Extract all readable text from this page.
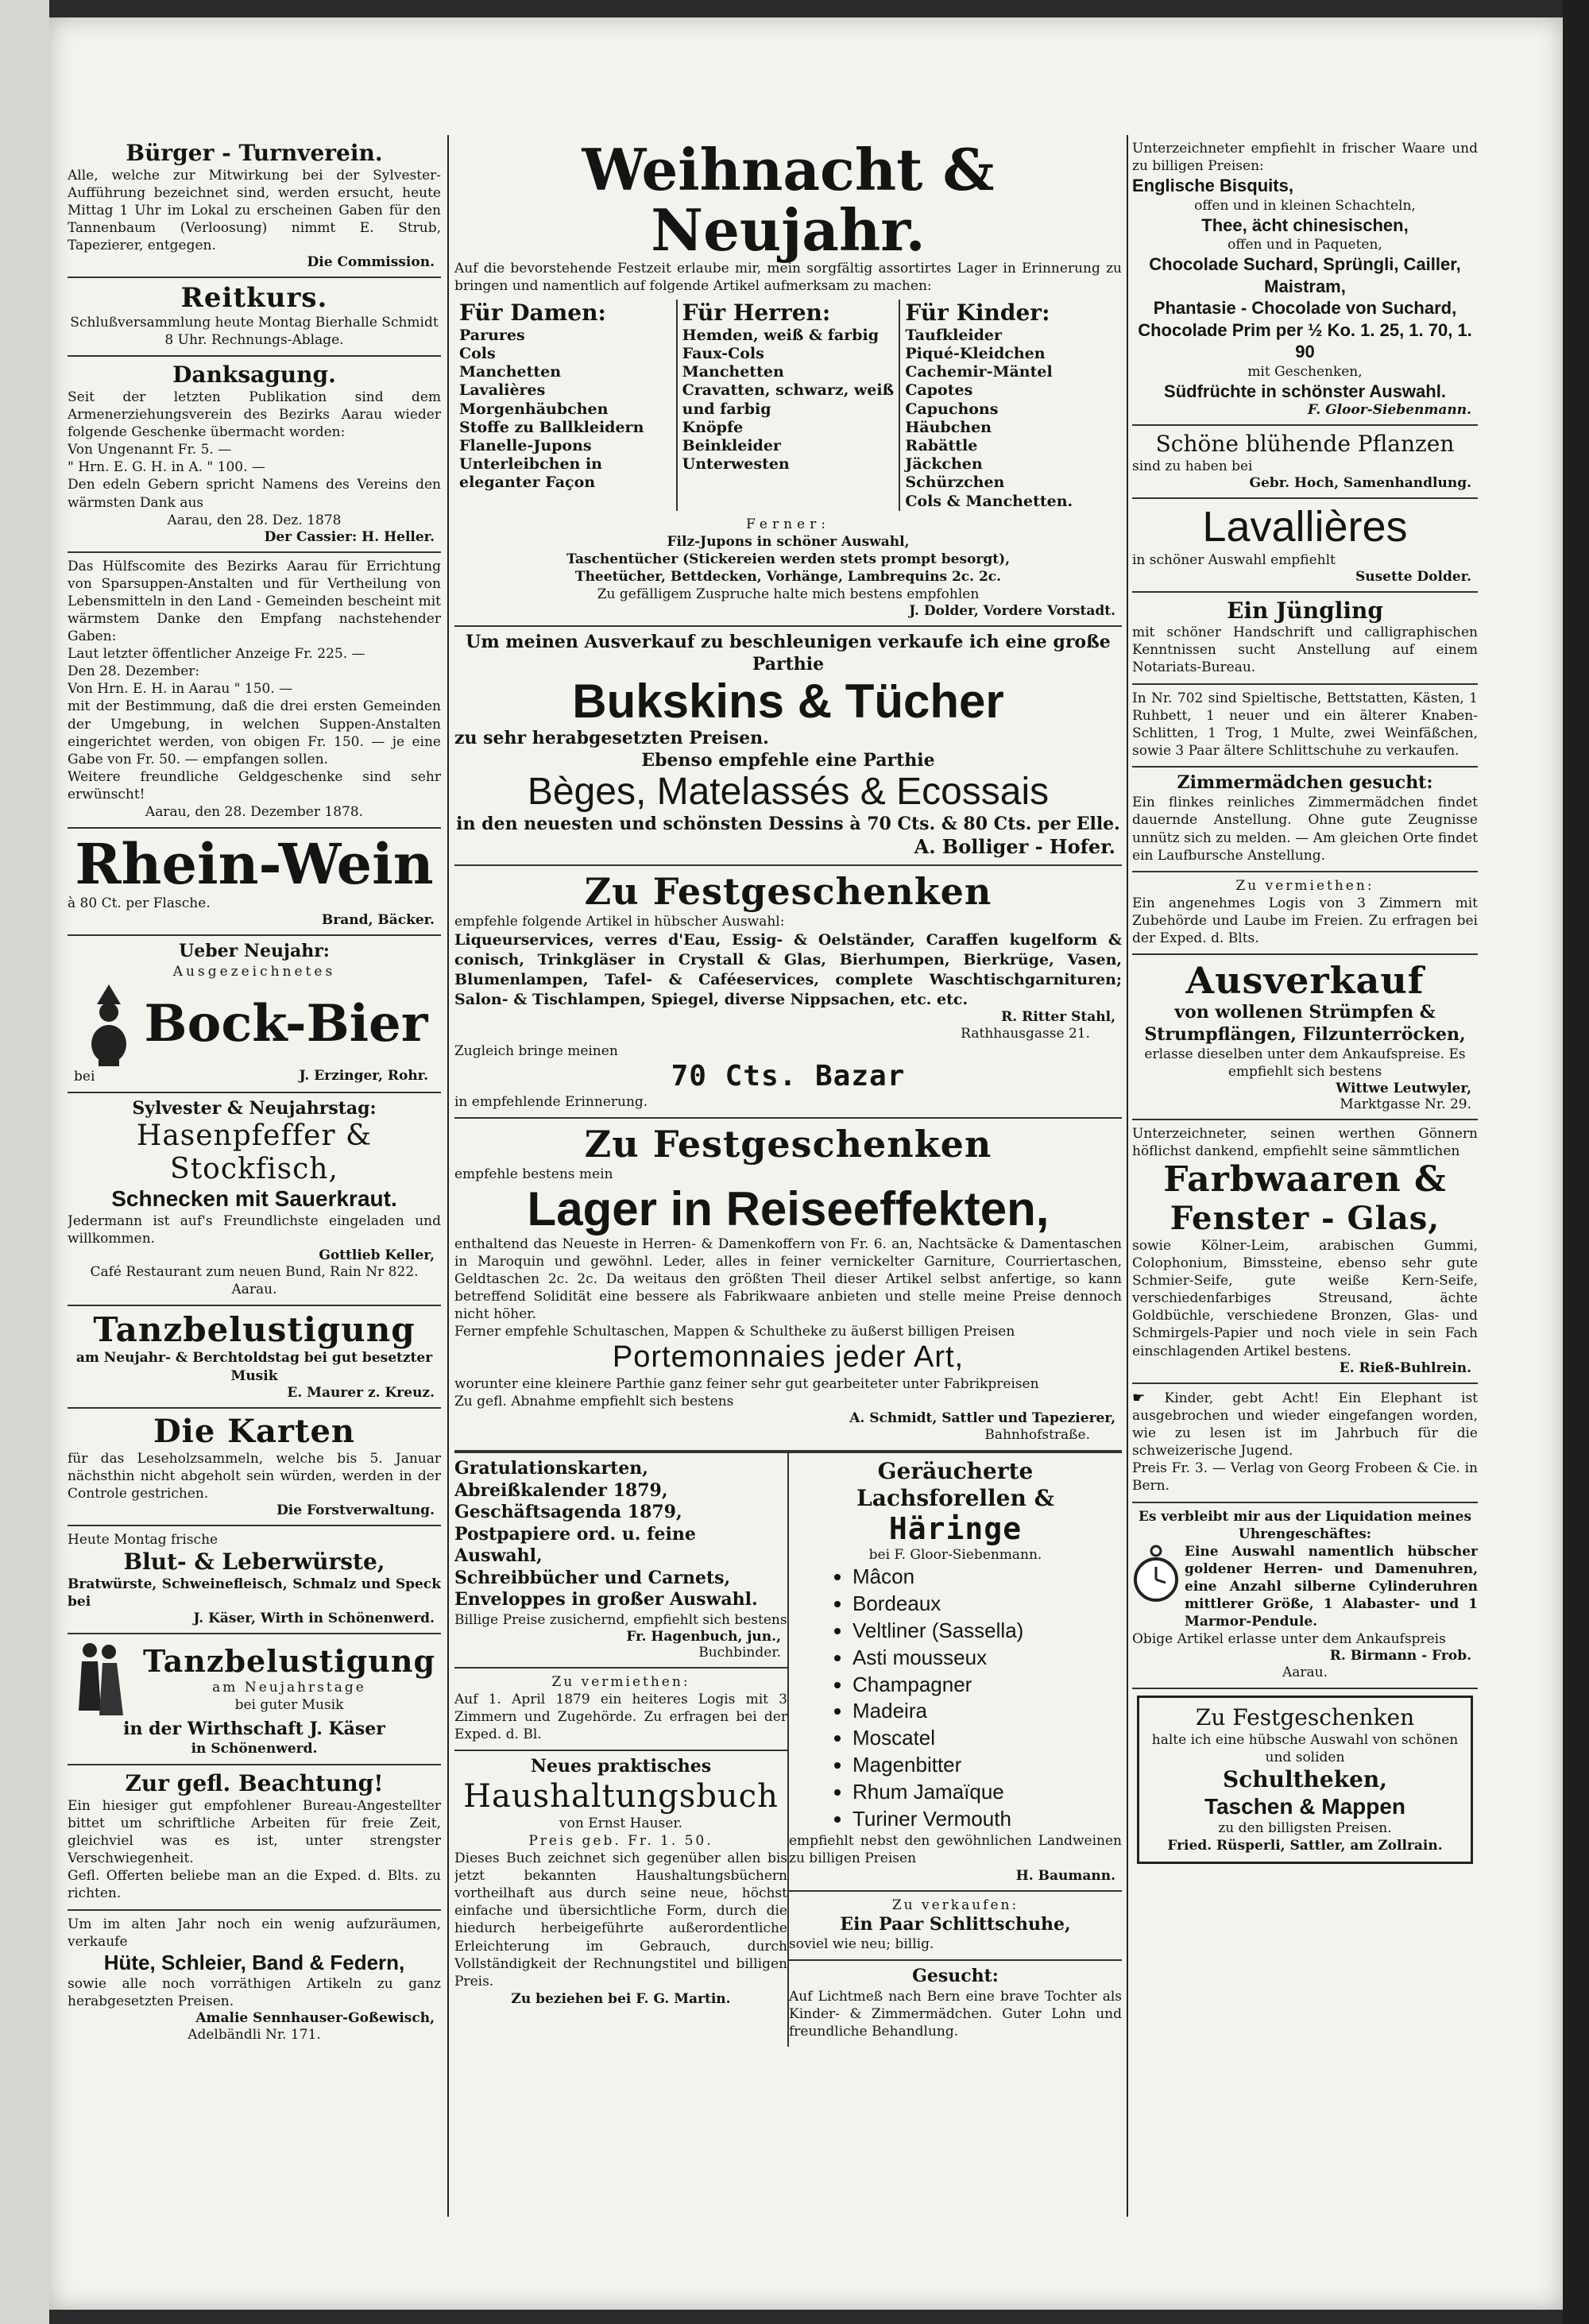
Bürger - Turnverein.
Alle, welche zur Mitwirkung bei der Sylvester-Aufführung bezeichnet sind, werden ersucht, heute Mittag 1 Uhr im Lokal zu erscheinen Gaben für den Tannenbaum (Verloosung) nimmt E. Strub, Tapezierer, entgegen.
Die Commission.
Reitkurs.
Schlußversammlung heute Montag Bierhalle Schmidt 8 Uhr. Rechnungs-Ablage.
Danksagung.
Seit der letzten Publikation sind dem Armenerziehungsverein des Bezirks Aarau wieder folgende Geschenke übermacht worden:
Von Ungenannt Fr. 5. —
" Hrn. E. G. H. in A. " 100. —
Den edeln Gebern spricht Namens des Vereins den wärmsten Dank aus
Aarau, den 28. Dez. 1878
Der Cassier: H. Heller.
Das Hülfscomite des Bezirks Aarau für Errichtung von Sparsuppen-Anstalten und für Vertheilung von Lebensmitteln in den Land - Gemeinden bescheint mit wärmstem Danke den Empfang nachstehender Gaben:
Laut letzter öffentlicher Anzeige Fr. 225. —
Den 28. Dezember:
Von Hrn. E. H. in Aarau " 150. —
mit der Bestimmung, daß die drei ersten Gemeinden der Umgebung, in welchen Suppen-Anstalten eingerichtet werden, von obigen Fr. 150. — je eine Gabe von Fr. 50. — empfangen sollen.
Weitere freundliche Geldgeschenke sind sehr erwünscht!
Aarau, den 28. Dezember 1878.
Rhein-Wein
à 80 Ct. per Flasche.
Brand, Bäcker.
Ueber Neujahr:
Ausgezeichnetes
Bock-Bier
bei	J. Erzinger, Rohr.
Sylvester & Neujahrstag:
Hasenpfeffer & Stockfisch,
Schnecken mit Sauerkraut.
Jedermann ist auf's Freundlichste eingeladen und willkommen.
Gottlieb Keller,
Café Restaurant zum neuen Bund, Rain Nr 822. Aarau.
Tanzbelustigung
am Neujahr- & Berchtoldstag bei gut besetzter Musik
E. Maurer z. Kreuz.
Die Karten
für das Leseholzsammeln, welche bis 5. Januar nächsthin nicht abgeholt sein würden, werden in der Controle gestrichen.
Die Forstverwaltung.
Heute Montag frische
Blut- & Leberwürste,
Bratwürste, Schweinefleisch, Schmalz und Speck bei
J. Käser, Wirth in Schönenwerd.
Tanzbelustigung
am Neujahrstage
bei guter Musik
in der Wirthschaft J. Käser
in Schönenwerd.
Zur gefl. Beachtung!
Ein hiesiger gut empfohlener Bureau-Angestellter bittet um schriftliche Arbeiten für freie Zeit, gleichviel was es ist, unter strengster Verschwiegenheit.
Gefl. Offerten beliebe man an die Exped. d. Blts. zu richten.
Um im alten Jahr noch ein wenig aufzuräumen, verkaufe
Hüte, Schleier, Band & Federn,
sowie alle noch vorräthigen Artikeln zu ganz herabgesetzten Preisen.
Amalie Sennhauser-Goßewisch,
Adelbändli Nr. 171.
Weihnacht & Neujahr.
Auf die bevorstehende Festzeit erlaube mir, mein sorgfältig assortirtes Lager in Erinnerung zu bringen und namentlich auf folgende Artikel aufmerksam zu machen:
Für Damen:
Parures
Cols
Manchetten
Lavalières
Morgenhäubchen
Stoffe zu Ballkleidern
Flanelle-Jupons
Unterleibchen in eleganter Façon
Für Herren:
Hemden, weiß & farbig
Faux-Cols
Manchetten
Cravatten, schwarz, weiß und farbig
Knöpfe
Beinkleider
Unterwesten
Für Kinder:
Taufkleider
Piqué-Kleidchen
Cachemir-Mäntel
Capotes
Capuchons
Häubchen
Rabättle
Jäckchen
Schürzchen
Cols & Manchetten.
Ferner:
Filz-Jupons in schöner Auswahl,
Taschentücher (Stickereien werden stets prompt besorgt),
Theetücher, Bettdecken, Vorhänge, Lambrequins 2c. 2c.
Zu gefälligem Zuspruche halte mich bestens empfohlen
J. Dolder, Vordere Vorstadt.
Um meinen Ausverkauf zu beschleunigen verkaufe ich eine große Parthie
Bukskins & Tücher
zu sehr herabgesetzten Preisen.
Ebenso empfehle eine Parthie
Bèges, Matelassés & Ecossais
in den neuesten und schönsten Dessins à 70 Cts. & 80 Cts. per Elle.
A. Bolliger - Hofer.
Zu Festgeschenken
empfehle folgende Artikel in hübscher Auswahl:
Liqueurservices, verres d'Eau, Essig- & Oelständer, Caraffen kugelform & conisch, Trinkgläser in Crystall & Glas, Bierhumpen, Bierkrüge, Vasen, Blumenlampen, Tafel- & Caféeservices, complete Waschtischgarnituren; Salon- & Tischlampen, Spiegel, diverse Nippsachen, etc. etc.
R. Ritter Stahl,
Rathhausgasse 21.
Zugleich bringe meinen
70 Cts. Bazar
in empfehlende Erinnerung.
Zu Festgeschenken
empfehle bestens mein
Lager in Reiseeffekten,
enthaltend das Neueste in Herren- & Damenkoffern von Fr. 6. an, Nachtsäcke & Damentaschen in Maroquin und gewöhnl. Leder, alles in feiner vernickelter Garniture, Courriertaschen, Geldtaschen 2c. 2c. Da weitaus den größten Theil dieser Artikel selbst anfertige, so kann betreffend Solidität eine bessere als Fabrikwaare anbieten und stelle meine Preise dennoch nicht höher.
Ferner empfehle Schultaschen, Mappen & Schultheke zu äußerst billigen Preisen
Portemonnaies jeder Art,
worunter eine kleinere Parthie ganz feiner sehr gut gearbeiteter unter Fabrikpreisen
Zu gefl. Abnahme empfiehlt sich bestens
A. Schmidt, Sattler und Tapezierer,
Bahnhofstraße.
Gratulationskarten,
Abreißkalender 1879,
Geschäftsagenda 1879,
Postpapiere ord. u. feine Auswahl,
Schreibbücher und Carnets,
Enveloppes in großer Auswahl.
Billige Preise zusichernd, empfiehlt sich bestens
Fr. Hagenbuch, jun.,
Buchbinder.
Zu vermiethen:
Auf 1. April 1879 ein heiteres Logis mit 3 Zimmern und Zugehörde. Zu erfragen bei der Exped. d. Bl.
Neues praktisches
Haushaltungsbuch
von Ernst Hauser.
Preis geb. Fr. 1. 50.
Dieses Buch zeichnet sich gegenüber allen bis jetzt bekannten Haushaltungsbüchern vortheilhaft aus durch seine neue, höchst einfache und übersichtliche Form, durch die hiedurch herbeigeführte außerordentliche Erleichterung im Gebrauch, durch Vollständigkeit der Rechnungstitel und billigen Preis.
Zu beziehen bei F. G. Martin.
Geräucherte Lachsforellen &
Häringe
bei F. Gloor-Siebenmann.
• Mâcon
• Bordeaux
• Veltliner (Sassella)
• Asti mousseux
• Champagner
• Madeira
• Moscatel
• Magenbitter
• Rhum Jamaïque
• Turiner Vermouth
empfiehlt nebst den gewöhnlichen Landweinen zu billigen Preisen
H. Baumann.
Zu verkaufen:
Ein Paar Schlittschuhe,
soviel wie neu; billig.
Gesucht:
Auf Lichtmeß nach Bern eine brave Tochter als Kinder- & Zimmermädchen. Guter Lohn und freundliche Behandlung.
Unterzeichneter empfiehlt in frischer Waare und zu billigen Preisen:
Englische Bisquits,
offen und in kleinen Schachteln,
Thee, ächt chinesischen,
offen und in Paqueten,
Chocolade Suchard, Sprüngli, Cailler, Maistram,
Phantasie - Chocolade von Suchard,
Chocolade Prim per ½ Ko. 1. 25, 1. 70, 1. 90
mit Geschenken,
Südfrüchte in schönster Auswahl.
F. Gloor-Siebenmann.
Schöne blühende Pflanzen
sind zu haben bei
Gebr. Hoch, Samenhandlung.
Lavallières
in schöner Auswahl empfiehlt
Susette Dolder.
Ein Jüngling
mit schöner Handschrift und calligraphischen Kenntnissen sucht Anstellung auf einem Notariats-Bureau.
In Nr. 702 sind Spieltische, Bettstatten, Kästen, 1 Ruhbett, 1 neuer und ein älterer Knaben-Schlitten, 1 Trog, 1 Multe, zwei Weinfäßchen, sowie 3 Paar ältere Schlittschuhe zu verkaufen.
Zimmermädchen gesucht:
Ein flinkes reinliches Zimmermädchen findet dauernde Anstellung. Ohne gute Zeugnisse unnütz sich zu melden. — Am gleichen Orte findet ein Laufbursche Anstellung.
Zu vermiethen:
Ein angenehmes Logis von 3 Zimmern mit Zubehörde und Laube im Freien. Zu erfragen bei der Exped. d. Blts.
Ausverkauf
von wollenen Strümpfen & Strumpflängen, Filzunterröcken,
erlasse dieselben unter dem Ankaufspreise. Es empfiehlt sich bestens
Wittwe Leutwyler,
Marktgasse Nr. 29.
Unterzeichneter, seinen werthen Gönnern höflichst dankend, empfiehlt seine sämmtlichen
Farbwaaren &
Fenster - Glas,
sowie Kölner-Leim, arabischen Gummi, Colophonium, Bimssteine, ebenso sehr gute Schmier-Seife, gute weiße Kern-Seife, verschiedenfarbiges Streusand, ächte Goldbüchle, verschiedene Bronzen, Glas- und Schmirgels-Papier und noch viele in sein Fach einschlagenden Artikel bestens.
E. Rieß-Buhlrein.
☛ Kinder, gebt Acht! Ein Elephant ist ausgebrochen und wieder eingefangen worden, wie zu lesen ist im Jahrbuch für die schweizerische Jugend.
Preis Fr. 3. — Verlag von Georg Frobeen & Cie. in Bern.
Es verbleibt mir aus der Liquidation meines Uhrengeschäftes:
Eine Auswahl namentlich hübscher goldener Herren- und Damenuhren, eine Anzahl silberne Cylinderuhren mittlerer Größe, 1 Alabaster- und 1 Marmor-Pendule.
Obige Artikel erlasse unter dem Ankaufspreis
R. Birmann - Frob.
Aarau.
Zu Festgeschenken
halte ich eine hübsche Auswahl von schönen und soliden
Schultheken,
Taschen & Mappen
zu den billigsten Preisen.
Fried. Rüsperli, Sattler, am Zollrain.
